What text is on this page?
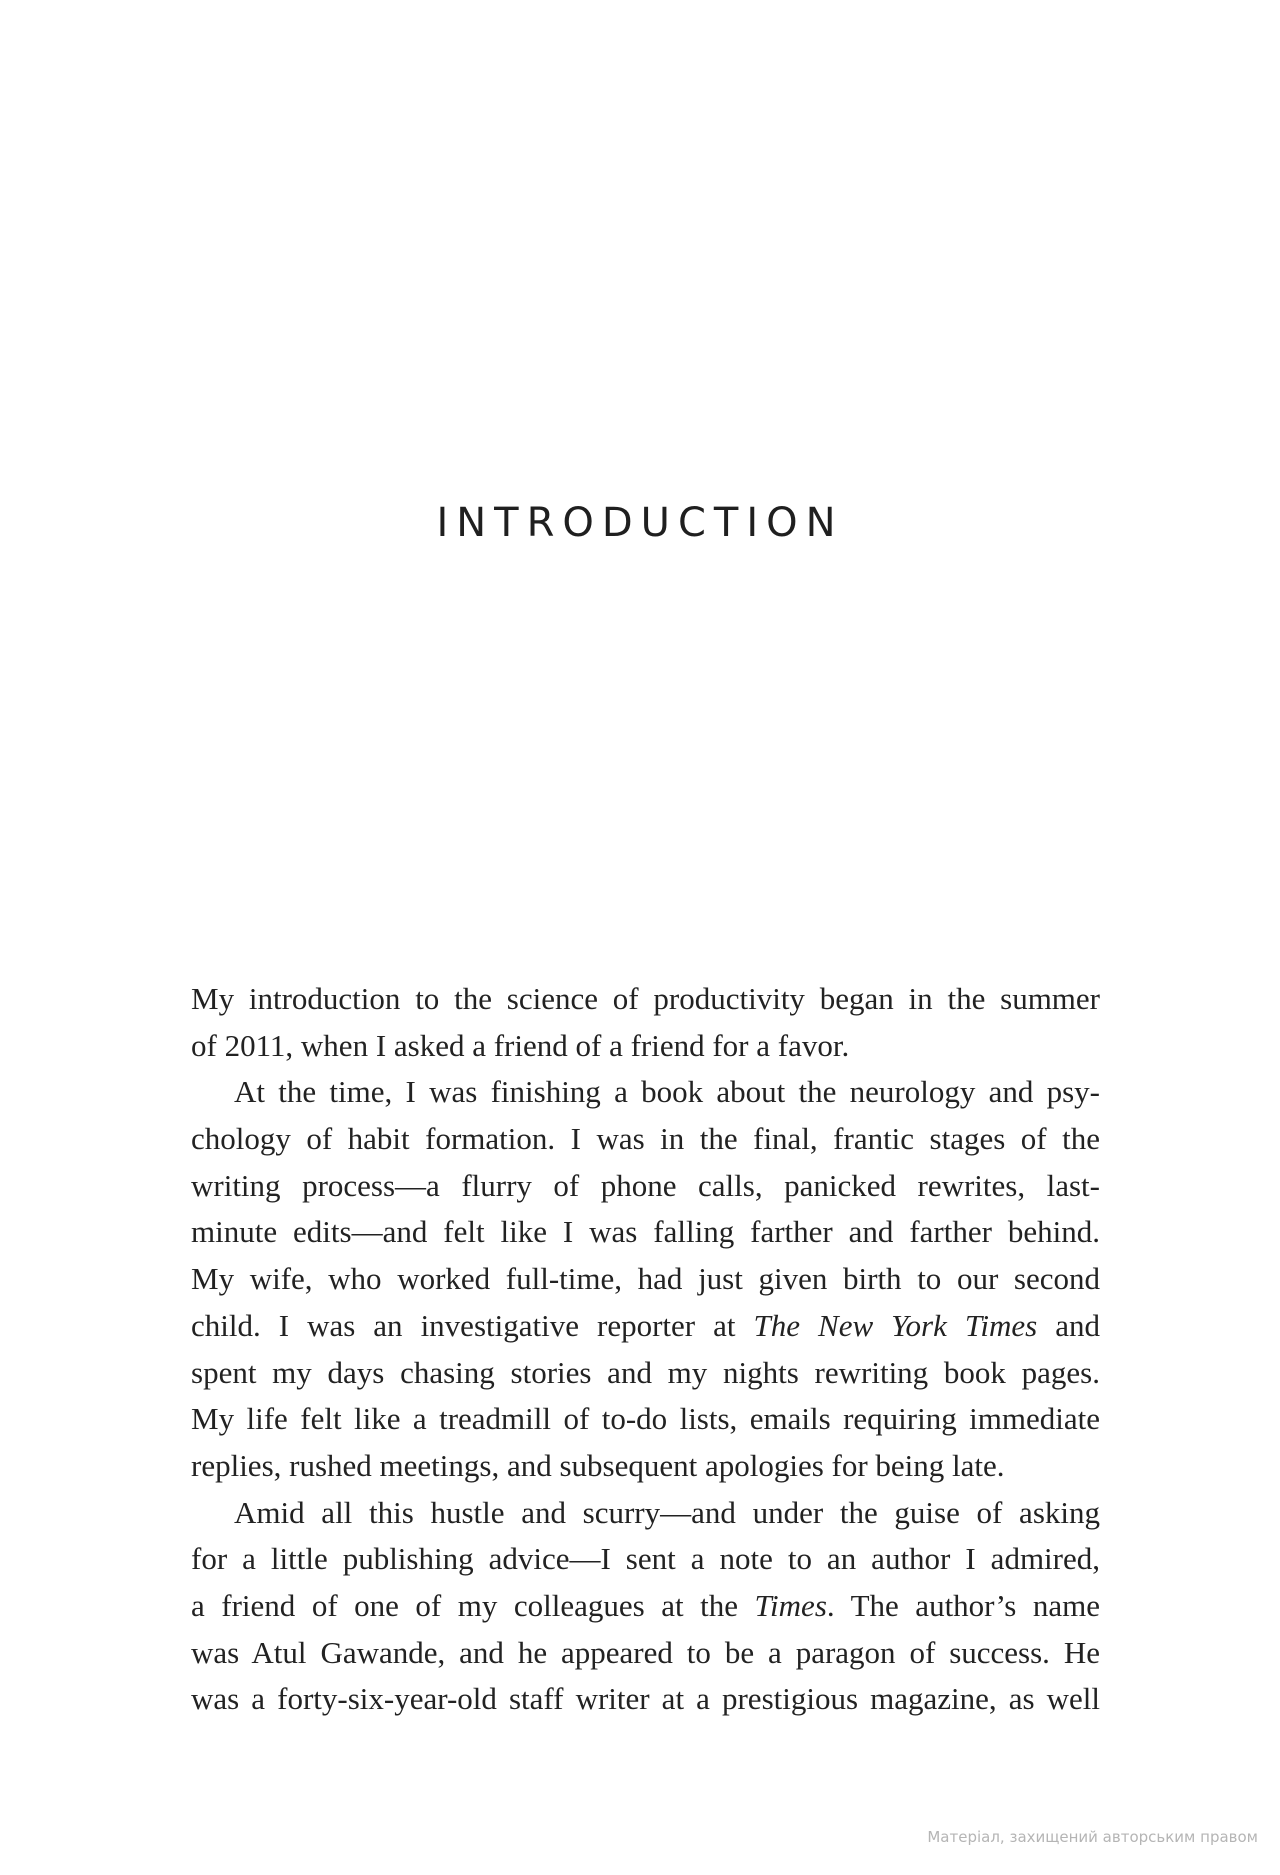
INTRODUCTION
My introduction to the science of productivity began in the summer
of 2011, when I asked a friend of a friend for a favor.
At the time, I was finishing a book about the neurology and psy-
chology of habit formation. I was in the final, frantic stages of the
writing process—a flurry of phone calls, panicked rewrites, last-
minute edits—and felt like I was falling farther and farther behind.
My wife, who worked full-time, had just given birth to our second
child. I was an investigative reporter at The New York Times and
spent my days chasing stories and my nights rewriting book pages.
My life felt like a treadmill of to-do lists, emails requiring immediate
replies, rushed meetings, and subsequent apologies for being late.
Amid all this hustle and scurry—and under the guise of asking
for a little publishing advice—I sent a note to an author I admired,
a friend of one of my colleagues at the Times. The author’s name
was Atul Gawande, and he appeared to be a paragon of success. He
was a forty-six-year-old staff writer at a prestigious magazine, as well
Матеріал, захищений авторським правом
